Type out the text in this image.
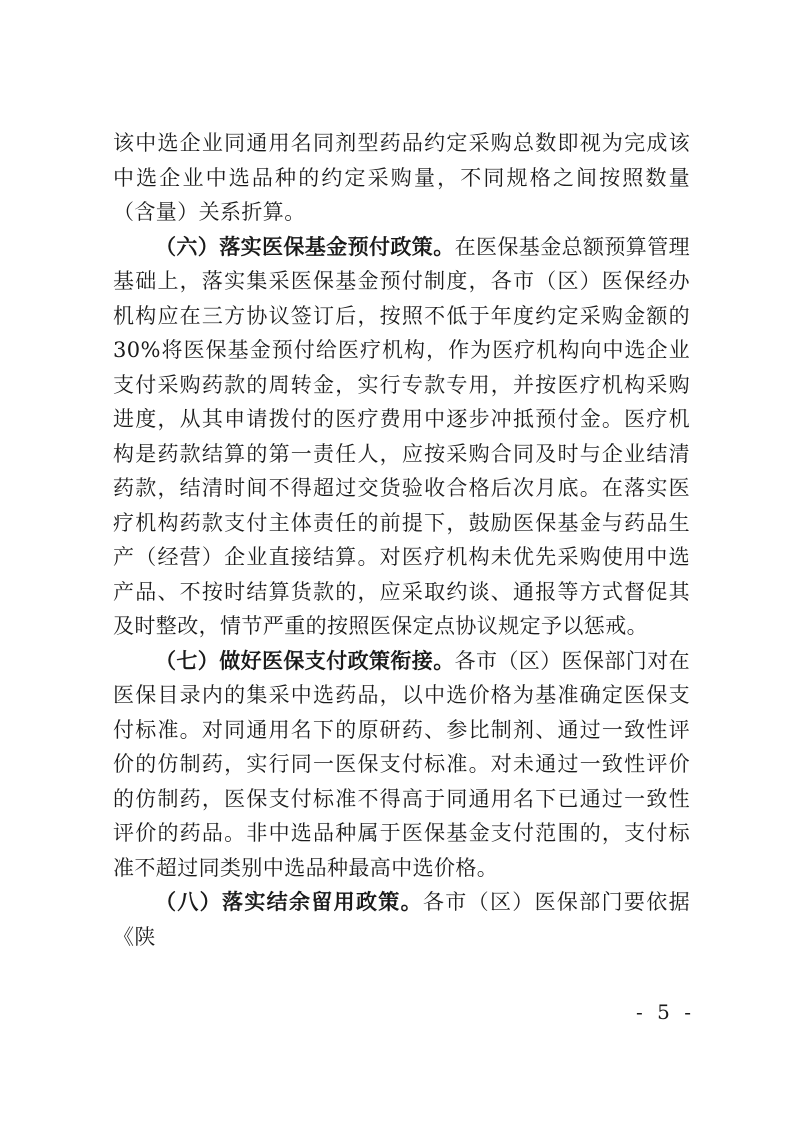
该中选企业同通用名同剂型药品约定采购总数即视为完成该中选企业中选品种的约定采购量，不同规格之间按照数量（含量）关系折算。

（六）落实医保基金预付政策。在医保基金总额预算管理基础上，落实集采医保基金预付制度，各市（区）医保经办机构应在三方协议签订后，按照不低于年度约定采购金额的 30%将医保基金预付给医疗机构，作为医疗机构向中选企业支付采购药款的周转金，实行专款专用，并按医疗机构采购进度，从其申请拨付的医疗费用中逐步冲抵预付金。医疗机构是药款结算的第一责任人，应按采购合同及时与企业结清药款，结清时间不得超过交货验收合格后次月底。在落实医疗机构药款支付主体责任的前提下，鼓励医保基金与药品生产（经营）企业直接结算。对医疗机构未优先采购使用中选产品、不按时结算货款的，应采取约谈、通报等方式督促其及时整改，情节严重的按照医保定点协议规定予以惩戒。

（七）做好医保支付政策衔接。各市（区）医保部门对在医保目录内的集采中选药品，以中选价格为基准确定医保支付标准。对同通用名下的原研药、参比制剂、通过一致性评价的仿制药，实行同一医保支付标准。对未通过一致性评价的仿制药，医保支付标准不得高于同通用名下已通过一致性评价的药品。非中选品种属于医保基金支付范围的，支付标准不超过同类别中选品种最高中选价格。

（八）落实结余留用政策。各市（区）医保部门要依据《陕

- 5 -
